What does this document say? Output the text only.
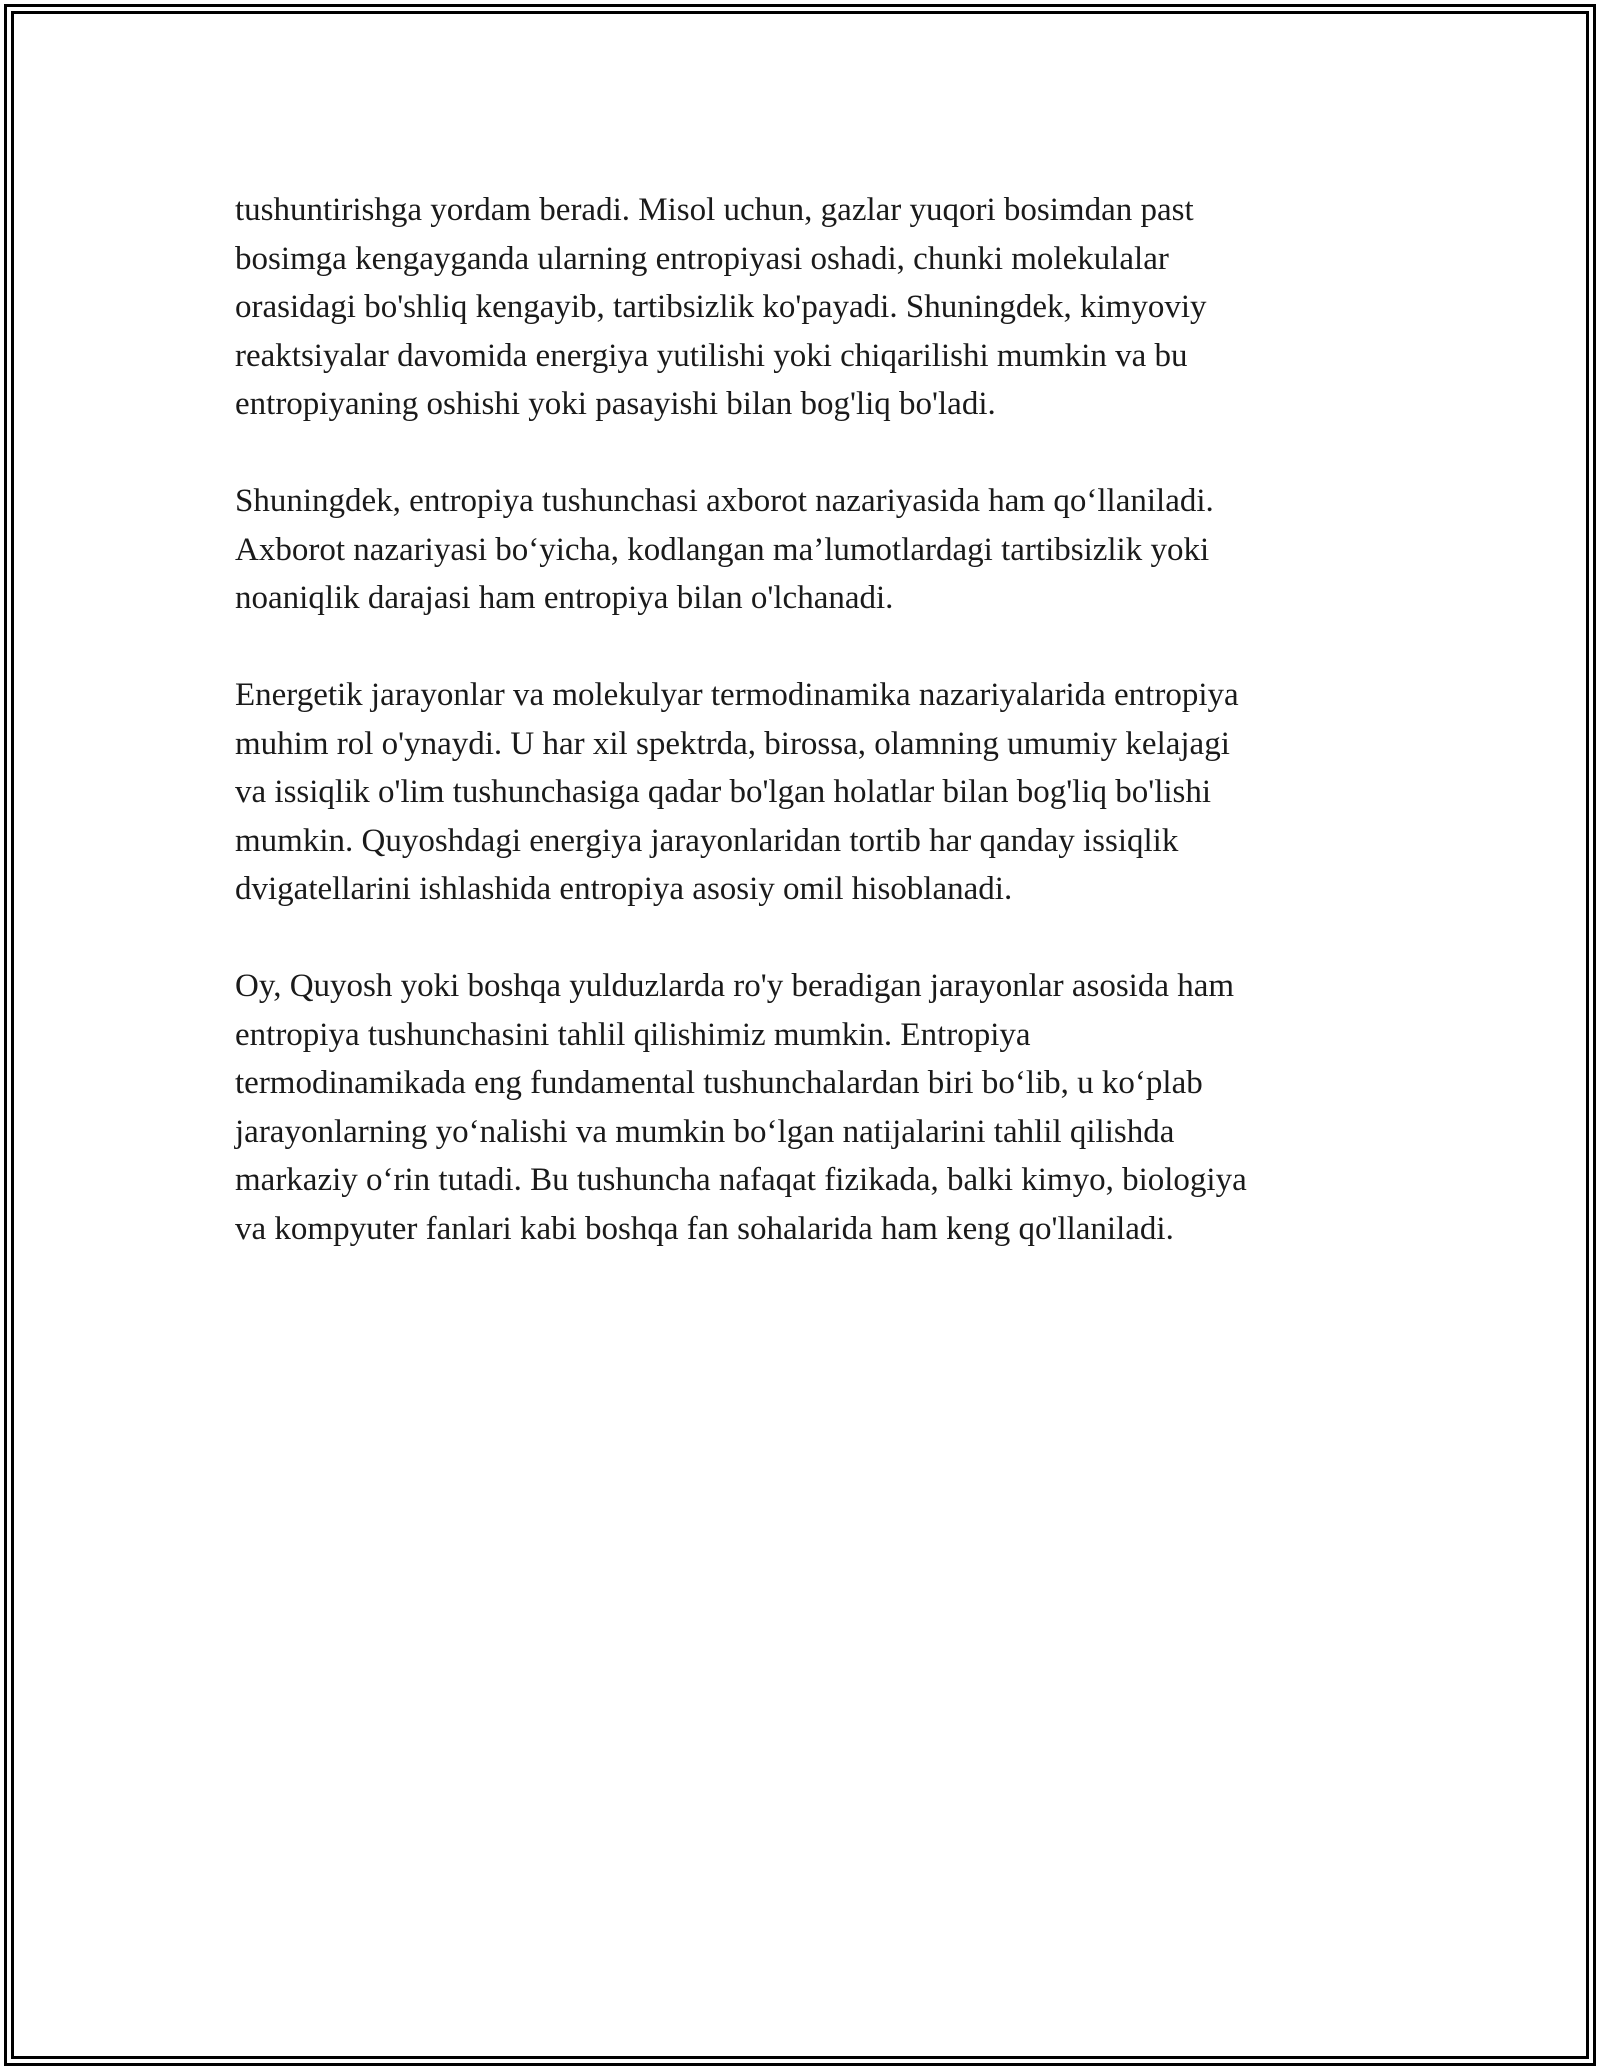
tushuntirishga yordam beradi. Misol uchun, gazlar yuqori bosimdan past
bosimga kengayganda ularning entropiyasi oshadi, chunki molekulalar
orasidagi bo'shliq kengayib, tartibsizlik ko'payadi. Shuningdek, kimyoviy
reaktsiyalar davomida energiya yutilishi yoki chiqarilishi mumkin va bu
entropiyaning oshishi yoki pasayishi bilan bog'liq bo'ladi.

Shuningdek, entropiya tushunchasi axborot nazariyasida ham qo‘llaniladi.
Axborot nazariyasi bo‘yicha, kodlangan ma’lumotlardagi tartibsizlik yoki
noaniqlik darajasi ham entropiya bilan o'lchanadi.

Energetik jarayonlar va molekulyar termodinamika nazariyalarida entropiya
muhim rol o'ynaydi. U har xil spektrda, birossa, olamning umumiy kelajagi
va issiqlik o'lim tushunchasiga qadar bo'lgan holatlar bilan bog'liq bo'lishi
mumkin. Quyoshdagi energiya jarayonlaridan tortib har qanday issiqlik
dvigatellarini ishlashida entropiya asosiy omil hisoblanadi.

Oy, Quyosh yoki boshqa yulduzlarda ro'y beradigan jarayonlar asosida ham
entropiya tushunchasini tahlil qilishimiz mumkin. Entropiya
termodinamikada eng fundamental tushunchalardan biri bo‘lib, u ko‘plab
jarayonlarning yo‘nalishi va mumkin bo‘lgan natijalarini tahlil qilishda
markaziy o‘rin tutadi. Bu tushuncha nafaqat fizikada, balki kimyo, biologiya
va kompyuter fanlari kabi boshqa fan sohalarida ham keng qo'llaniladi.
